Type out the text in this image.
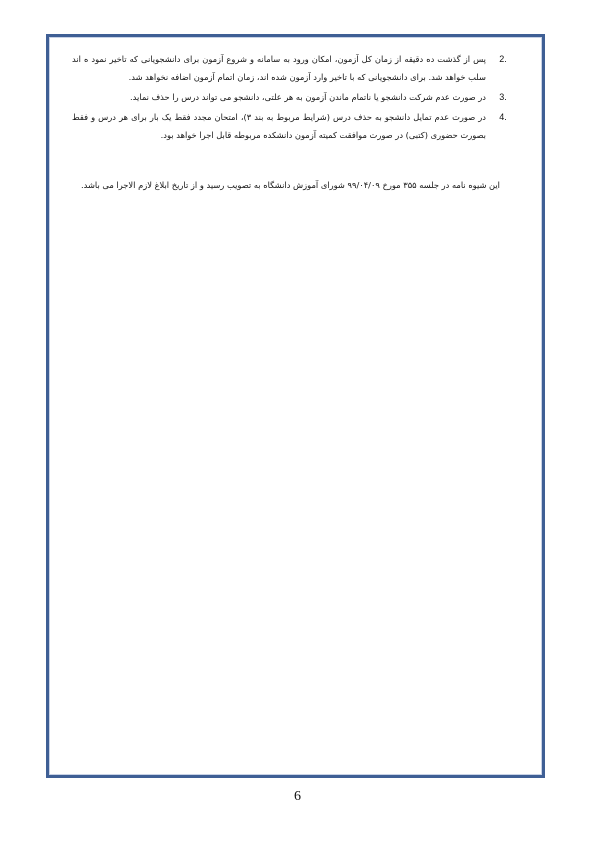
2.
پس از گذشت ده دقیقه از زمان کل آزمون، امکان ورود به سامانه و شروع آزمون برای دانشجویانی که تاخیر نمود ه اند سلب خواهد شد. برای دانشجویانی که با تاخیر وارد آزمون شده اند، زمان اتمام آزمون اضافه نخواهد شد.
3.
در صورت عدم شرکت دانشجو یا ناتمام ماندن آزمون به هر علتی، دانشجو می تواند درس را حذف نماید.
4.
در صورت عدم تمایل دانشجو به حذف درس (شرایط مربوط به بند ۳)، امتحان مجدد فقط یک بار برای هر درس و فقط بصورت حضوری (کتبی) در صورت موافقت کمیته آزمون دانشکده مربوطه قابل اجرا خواهد بود.
این شیوه نامه در جلسه ۳۵۵ مورخ ۹۹/۰۴/۰۹ شورای آموزش دانشگاه به تصویب رسید و از تاریخ ابلاغ لازم الاجرا می باشد.
6
